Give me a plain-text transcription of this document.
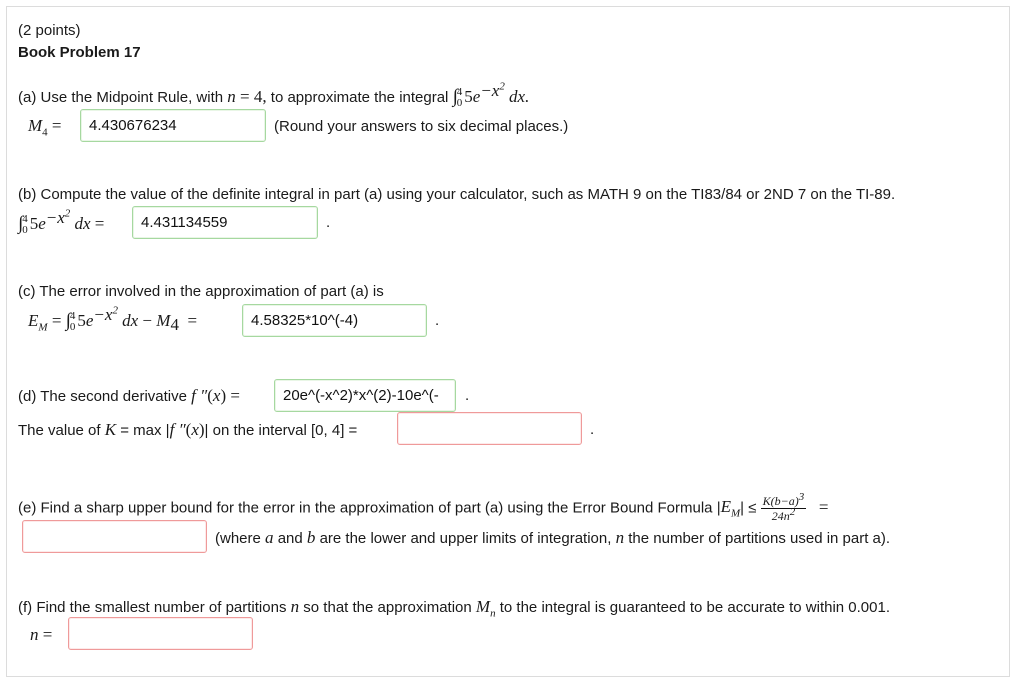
(2 points)
Book Problem 17
(a) Use the Midpoint Rule, with n = 4, to approximate the integral ∫ 4
0 $5e^{-x^2}$ dx.
$M_4$ =	4.430676234	(Round your answers to six decimal places.)
(b) Compute the value of the definite integral in part (a) using your calculator, such as MATH 9 on the TI83/84 or 2ND 7 on the TI-89.
∫ 4
0 $5e^{-x^2}$ dx =	4.431134559	.
(c) The error involved in the approximation of part (a) is
$E_M$ = ∫ 4
0 $5e^{-x^2}$ dx − $M_4$  =	4.58325*10^(-4)	.
(d) The second derivative f ″(x) =	20e^(-x^2)*x^(2)-10e^(-	.
The value of K = max |f ″(x)| on the interval [0, 4] =	.
(e) Find a sharp upper bound for the error in the approximation of part (a) using the Error Bound Formula $|E_M| \le \frac{K(b-a)^3}{24n^2}$ =
(where a and b are the lower and upper limits of integration, n the number of partitions used in part a).
(f) Find the smallest number of partitions n so that the approximation $M_n$ to the integral is guaranteed to be accurate to within 0.001.
n =
